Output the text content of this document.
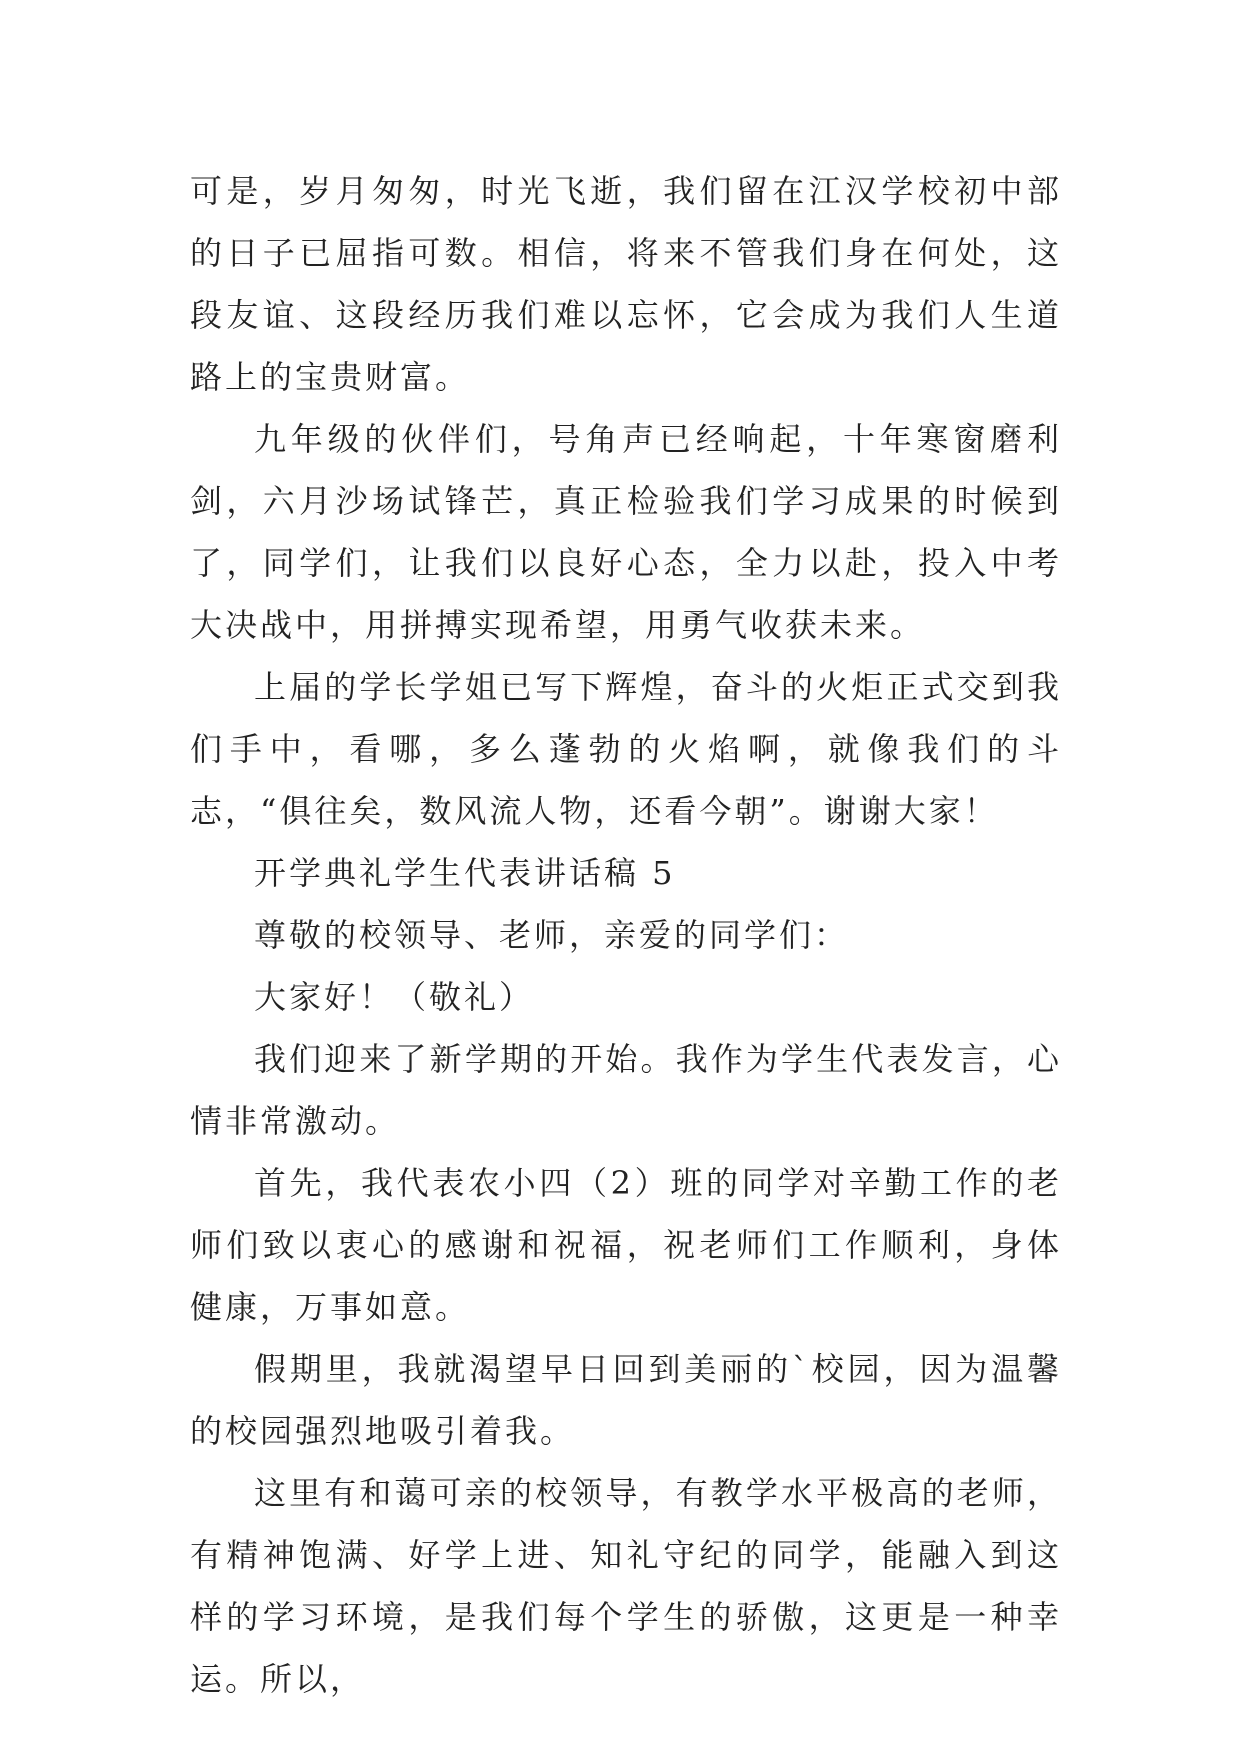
可是，岁月匆匆，时光飞逝，我们留在江汉学校初中部的日子已屈指可数。相信，将来不管我们身在何处，这段友谊、这段经历我们难以忘怀，它会成为我们人生道路上的宝贵财富。

九年级的伙伴们，号角声已经响起，十年寒窗磨利剑，六月沙场试锋芒，真正检验我们学习成果的时候到了，同学们，让我们以良好心态，全力以赴，投入中考大决战中，用拼搏实现希望，用勇气收获未来。

上届的学长学姐已写下辉煌，奋斗的火炬正式交到我们手中，看哪，多么蓬勃的火焰啊，就像我们的斗志，“俱往矣，数风流人物，还看今朝”。谢谢大家！

开学典礼学生代表讲话稿 5

尊敬的校领导、老师，亲爱的同学们：

大家好！（敬礼）

我们迎来了新学期的开始。我作为学生代表发言，心情非常激动。

首先，我代表农小四（2）班的同学对辛勤工作的老师们致以衷心的感谢和祝福，祝老师们工作顺利，身体健康，万事如意。

假期里，我就渴望早日回到美丽的`校园，因为温馨的校园强烈地吸引着我。

这里有和蔼可亲的校领导，有教学水平极高的老师，有精神饱满、好学上进、知礼守纪的同学，能融入到这样的学习环境，是我们每个学生的骄傲，这更是一种幸运。所以，
